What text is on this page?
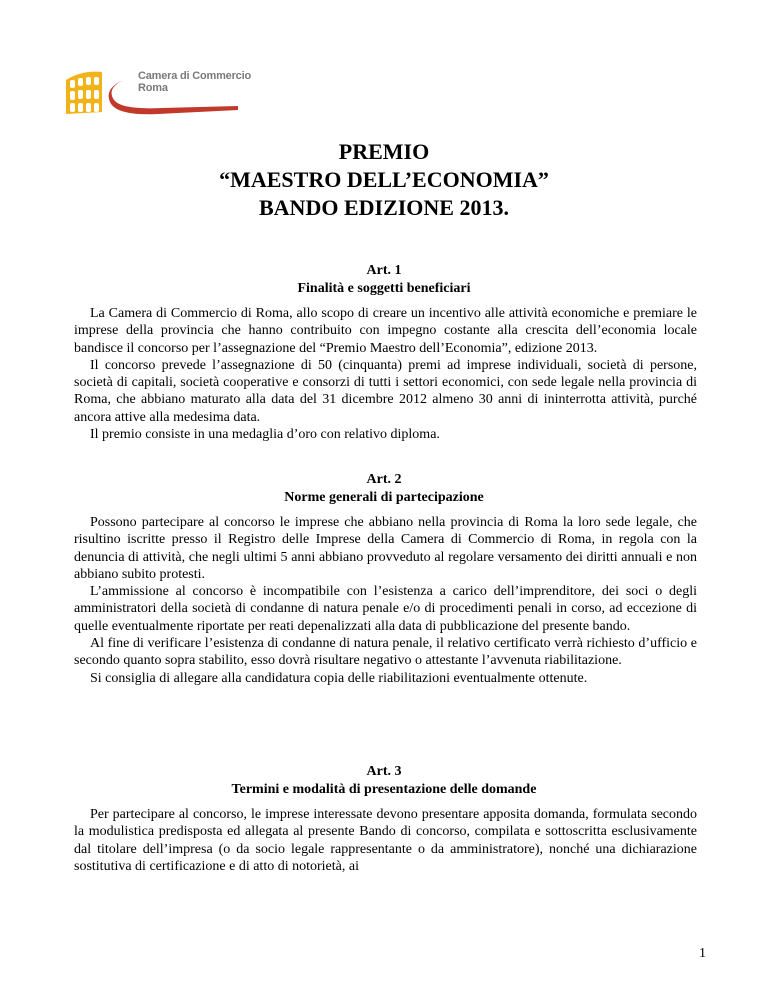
Camera di Commercio
Roma
PREMIO
“MAESTRO DELL’ECONOMIA”
BANDO EDIZIONE 2013.
Art. 1
Finalità e soggetti beneficiari

La Camera di Commercio di Roma, allo scopo di creare un incentivo alle attività economiche e premiare le imprese della provincia che hanno contribuito con impegno costante alla crescita dell’economia locale bandisce il concorso per l’assegnazione del “Premio Maestro dell’Economia”, edizione 2013.

Il concorso prevede l’assegnazione di 50 (cinquanta) premi ad imprese individuali, società di persone, società di capitali, società cooperative e consorzi di tutti i settori economici, con sede legale nella provincia di Roma, che abbiano maturato alla data del 31 dicembre 2012 almeno 30 anni di ininterrotta attività, purché ancora attive alla medesima data.

Il premio consiste in una medaglia d’oro con relativo diploma.

Art. 2
Norme generali di partecipazione

Possono partecipare al concorso le imprese che abbiano nella provincia di Roma la loro sede legale, che risultino iscritte presso il Registro delle Imprese della Camera di Commercio di Roma, in regola con la denuncia di attività, che negli ultimi 5 anni abbiano provveduto al regolare versamento dei diritti annuali e non abbiano subito protesti.

L’ammissione al concorso è incompatibile con l’esistenza a carico dell’imprenditore, dei soci o degli amministratori della società di condanne di natura penale e/o di procedimenti penali in corso, ad eccezione di quelle eventualmente riportate per reati depenalizzati alla data di pubblicazione del presente bando.

Al fine di verificare l’esistenza di condanne di natura penale, il relativo certificato verrà richiesto d’ufficio e secondo quanto sopra stabilito, esso dovrà risultare negativo o attestante l’avvenuta riabilitazione.

Si consiglia di allegare alla candidatura copia delle riabilitazioni eventualmente ottenute.

Art. 3
Termini e modalità di presentazione delle domande

Per partecipare al concorso, le imprese interessate devono presentare apposita domanda, formulata secondo la modulistica predisposta ed allegata al presente Bando di concorso, compilata e sottoscritta esclusivamente dal titolare dell’impresa (o da socio legale rappresentante o da amministratore), nonché una dichiarazione sostitutiva di certificazione e di atto di notorietà, ai

1
